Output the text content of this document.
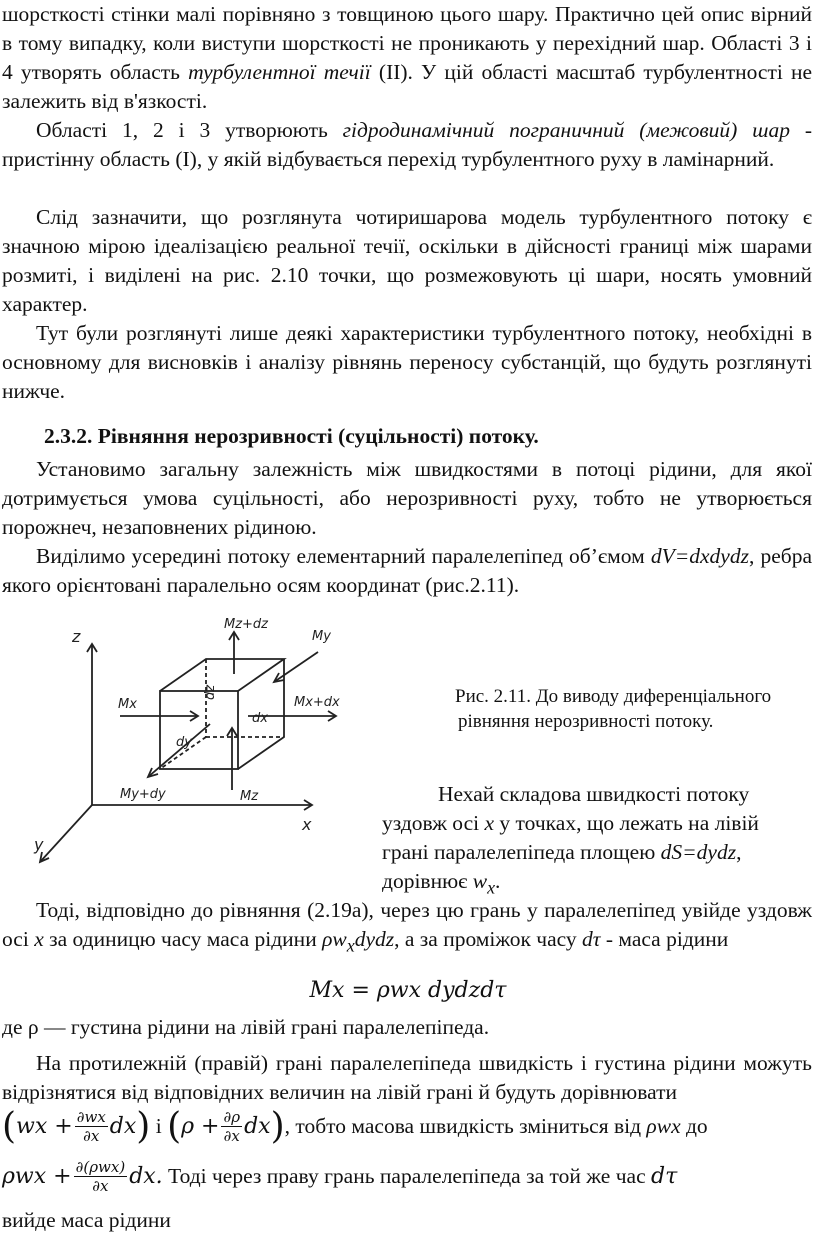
шорсткості стінки малі порівняно з товщиною цього шару. Практично цей опис вірний в тому випадку, коли виступи шорсткості не проникають у перехідний шар. Області 3 і 4 утворять область турбулентної течії (ІІ). У цій області масштаб турбулентності не залежить від в'язкості.

Області 1, 2 і 3 утворюють гідродинамічний пограничний (межовий) шар - пристінну область (І), у якій відбувається перехід турбулентного руху в ламінарний.

Слід зазначити, що розглянута чотиришарова модель турбулентного потоку є значною мірою ідеалізацією реальної течії, оскільки в дійсності границі між шарами розмиті, і виділені на рис. 2.10 точки, що розмежовують ці шари, носять умовний характер.

Тут були розглянуті лише деякі характеристики турбулентного потоку, необхідні в основному для висновків і аналізу рівнянь переносу субстанцій, що будуть розглянуті нижче.

2.3.2. Рівняння нерозривності (суцільності) потоку.

Установимо загальну залежність між швидкостями в потоці рідини, для якої дотримується умова суцільності, або нерозривності руху, тобто не утворюється порожнеч, незаповнених рідиною.

Виділимо усередині потоку елементарний паралелепіпед об’ємом dV=dxdydz, ребра якого орієнтовані паралельно осям координат (рис.2.11).

z
x
y
Mz+dz
My
Mx	Mx+dx
My+dy	Mz
dz
dx
dy

Рис. 2.11. До виводу диференціального

рівняння нерозривності потоку.

Нехай складова швидкості потоку

уздовж осі x у точках, що лежать на лівій

грані паралелепіпеда площею dS=dydz,

дорівнює $w_x$.

Тоді, відповідно до рівняння (2.19а), через цю грань у паралелепіпед увійде уздовж осі x за одиницю часу маса рідини $\rho w_xdydz$, а за проміжок часу dτ - маса рідини

Mx = ρwx dydzdτ

де ρ — густина рідини на лівій грані паралелепіпеда.

На протилежній (правій) грані паралелепіпеда швидкість і густина рідини можуть відрізнятися від відповідних величин на лівій грані й будуть дорівнювати

$(wx + \frac{\partial wx}{\partial x} dx)$ і $(\rho + \frac{\partial\rho}{\partial x} dx)$, тобто масова швидкість зміниться від ρwx до
$\rho wx + \frac{\text{∂(ρwx)}}{\partial x}$ dx. Тоді через праву грань паралелепіпеда за той же час dτ

вийде маса рідини
